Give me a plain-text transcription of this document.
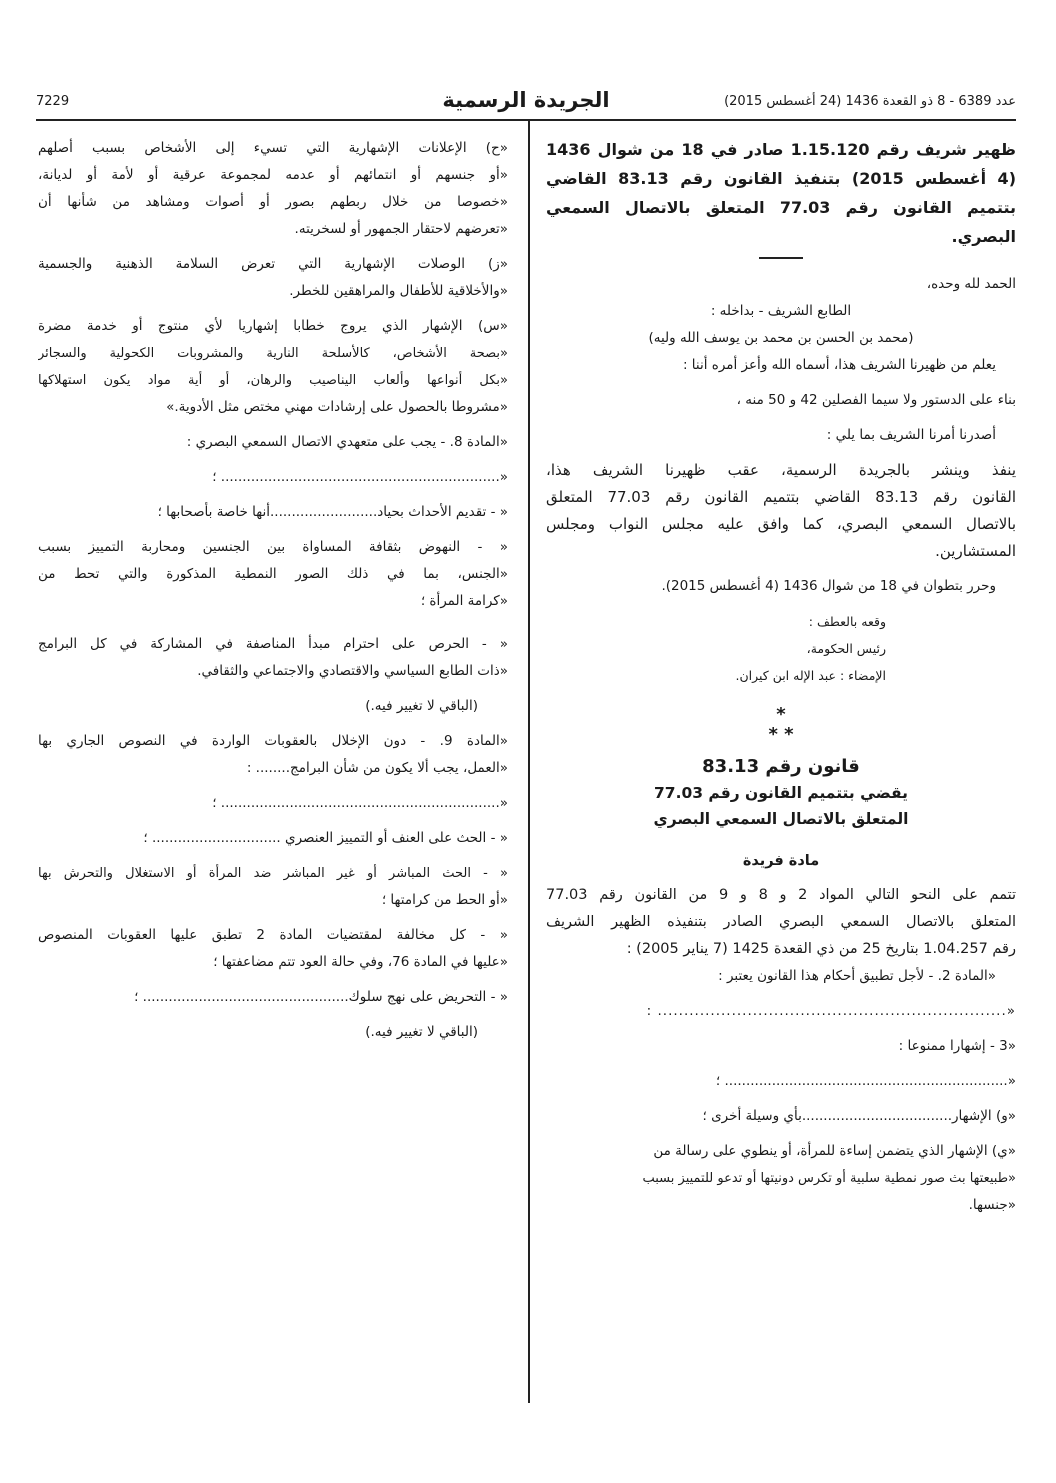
عدد 6389 - 8 ذو القعدة 1436 (24 أغسطس 2015)
الجريدة الرسمية
7229
ظهير شريف رقم 1.15.120 صادر في 18 من شوال 1436
(4 أغسطس 2015) بتنفيذ القانون رقم 83.13 القاضي
بتتميم القانون رقم 77.03 المتعلق بالاتصال السمعي
البصري.
الحمد لله وحده،
الطابع الشريف - بداخله :
(محمد بن الحسن بن محمد بن يوسف الله وليه)
يعلم من ظهيرنا الشريف هذا، أسماه الله وأعز أمره أننا :
بناء على الدستور ولا سيما الفصلين 42 و 50 منه ،
أصدرنا أمرنا الشريف بما يلي :
ينفذ وينشر بالجريدة الرسمية، عقب ظهيرنا الشريف هذا،
القانون رقم 83.13 القاضي بتتميم القانون رقم 77.03 المتعلق
بالاتصال السمعي البصري، كما وافق عليه مجلس النواب ومجلس
المستشارين.
وحرر بتطوان في 18 من شوال 1436 (4 أغسطس 2015).
وقعه بالعطف :
رئيس الحكومة،
الإمضاء : عبد الإله ابن كيران.
*
* *
قانون رقم 83.13
يقضي بتتميم القانون رقم 77.03
المتعلق بالاتصال السمعي البصري
مادة فريدة
تتمم على النحو التالي المواد 2 و 8 و 9 من القانون رقم 77.03
المتعلق بالاتصال السمعي البصري الصادر بتنفيذه الظهير الشريف
رقم 1.04.257 بتاريخ 25 من ذي القعدة 1425 (7 يناير 2005) :
«المادة 2. - لأجل تطبيق أحكام هذا القانون يعتبر :
«.................................................................. :
«3 - إشهارا ممنوعا :
«.................................................................. ؛
«و) الإشهار...................................بأي وسيلة أخرى ؛
«ي) الإشهار الذي يتضمن إساءة للمرأة، أو ينطوي على رسالة من
«طبيعتها بث صور نمطية سلبية أو تكرس دونيتها أو تدعو للتمييز بسبب
«جنسها.
«ح) الإعلانات الإشهارية التي تسيء إلى الأشخاص بسبب أصلهم
«أو جنسهم أو انتمائهم أو عدمه لمجموعة عرقية أو لأمة أو لديانة،
«خصوصا من خلال ربطهم بصور أو أصوات ومشاهد من شأنها أن
«تعرضهم لاحتقار الجمهور أو لسخريته.
«ز) الوصلات الإشهارية التي تعرض السلامة الذهنية والجسمية
«والأخلاقية للأطفال والمراهقين للخطر.
«س) الإشهار الذي يروج خطابا إشهاريا لأي منتوج أو خدمة مضرة
«بصحة الأشخاص، كالأسلحة النارية والمشروبات الكحولية والسجائر
«بكل أنواعها وألعاب اليناصيب والرهان، أو أية مواد يكون استهلاكها
«مشروطا بالحصول على إرشادات مهني مختص مثل الأدوية.»
«المادة 8. - يجب على متعهدي الاتصال السمعي البصري :
«................................................................. ؛
« - تقديم الأحداث بحياد.........................أنها خاصة بأصحابها ؛
« - النهوض بثقافة المساواة بين الجنسين ومحاربة التمييز بسبب
«الجنس، بما في ذلك الصور النمطية المذكورة والتي تحط من
«كرامة المرأة ؛
« - الحرص على احترام مبدأ المناصفة في المشاركة في كل البرامج
«ذات الطابع السياسي والاقتصادي والاجتماعي والثقافي.
(الباقي لا تغيير فيه.)
«المادة 9. - دون الإخلال بالعقوبات الواردة في النصوص الجاري بها
«العمل، يجب ألا يكون من شأن البرامج........ :
«................................................................. ؛
« - الحث على العنف أو التمييز العنصري .............................. ؛
« - الحث المباشر أو غير المباشر ضد المرأة أو الاستغلال والتحرش بها
«أو الحط من كرامتها ؛
« - كل مخالفة لمقتضيات المادة 2 تطبق عليها العقوبات المنصوص
«عليها في المادة 76، وفي حالة العود تتم مضاعفتها ؛
« - التحريض على نهج سلوك................................................ ؛
(الباقي لا تغيير فيه.)
